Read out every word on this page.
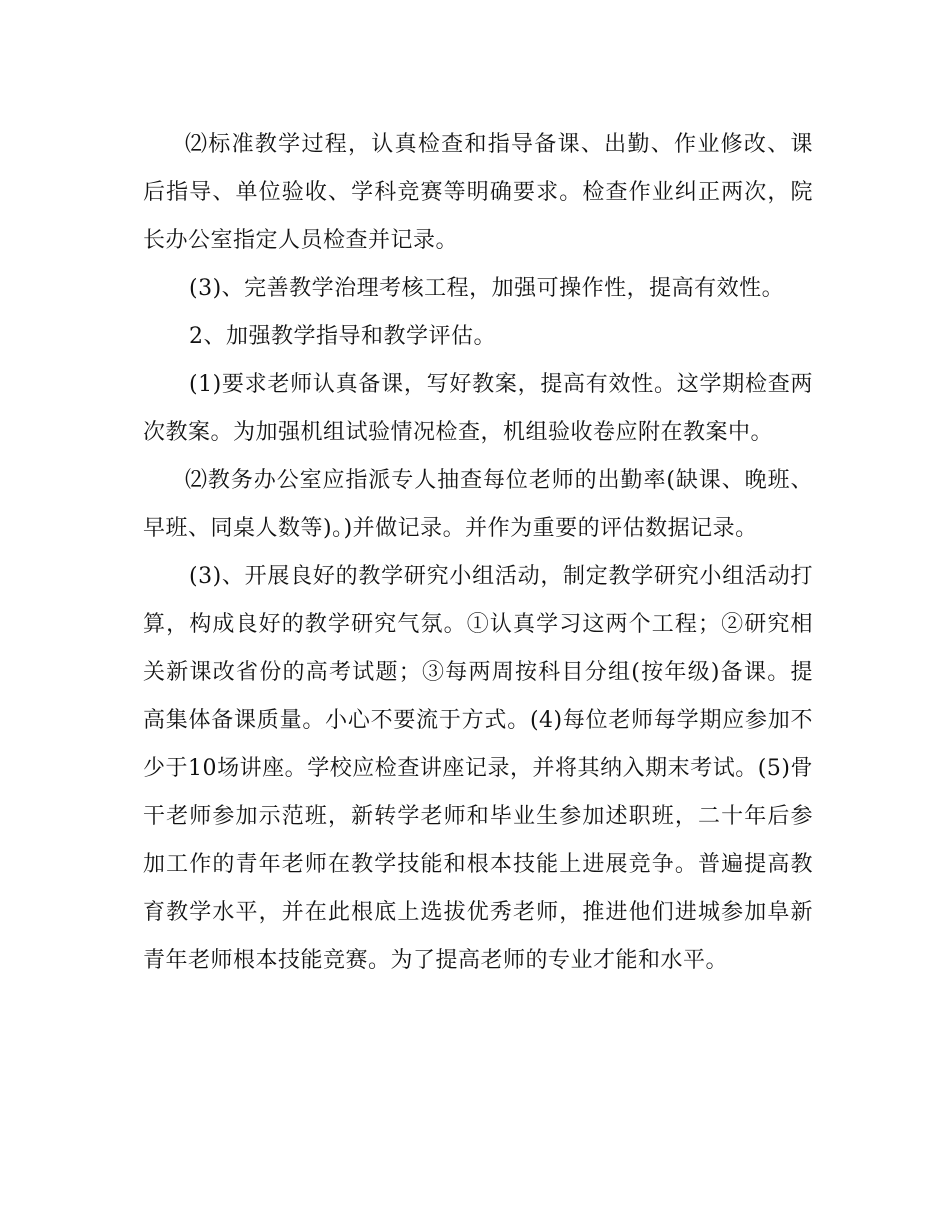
⑵标准教学过程，认真检查和指导备课、出勤、作业修改、课后指导、单位验收、学科竞赛等明确要求。检查作业纠正两次，院长办公室指定人员检查并记录。

(3)、完善教学治理考核工程，加强可操作性，提高有效性。

2、加强教学指导和教学评估。

(1)要求老师认真备课，写好教案，提高有效性。这学期检查两次教案。为加强机组试验情况检查，机组验收卷应附在教案中。

⑵教务办公室应指派专人抽查每位老师的出勤率(缺课、晚班、早班、同桌人数等)。)并做记录。并作为重要的评估数据记录。

(3)、开展良好的教学研究小组活动，制定教学研究小组活动打算，构成良好的教学研究气氛。①认真学习这两个工程；②研究相关新课改省份的高考试题；③每两周按科目分组(按年级)备课。提高集体备课质量。小心不要流于方式。(4)每位老师每学期应参加不少于10场讲座。学校应检查讲座记录，并将其纳入期末考试。(5)骨干老师参加示范班，新转学老师和毕业生参加述职班，二十年后参加工作的青年老师在教学技能和根本技能上进展竞争。普遍提高教育教学水平，并在此根底上选拔优秀老师，推进他们进城参加阜新青年老师根本技能竞赛。为了提高老师的专业才能和水平。
